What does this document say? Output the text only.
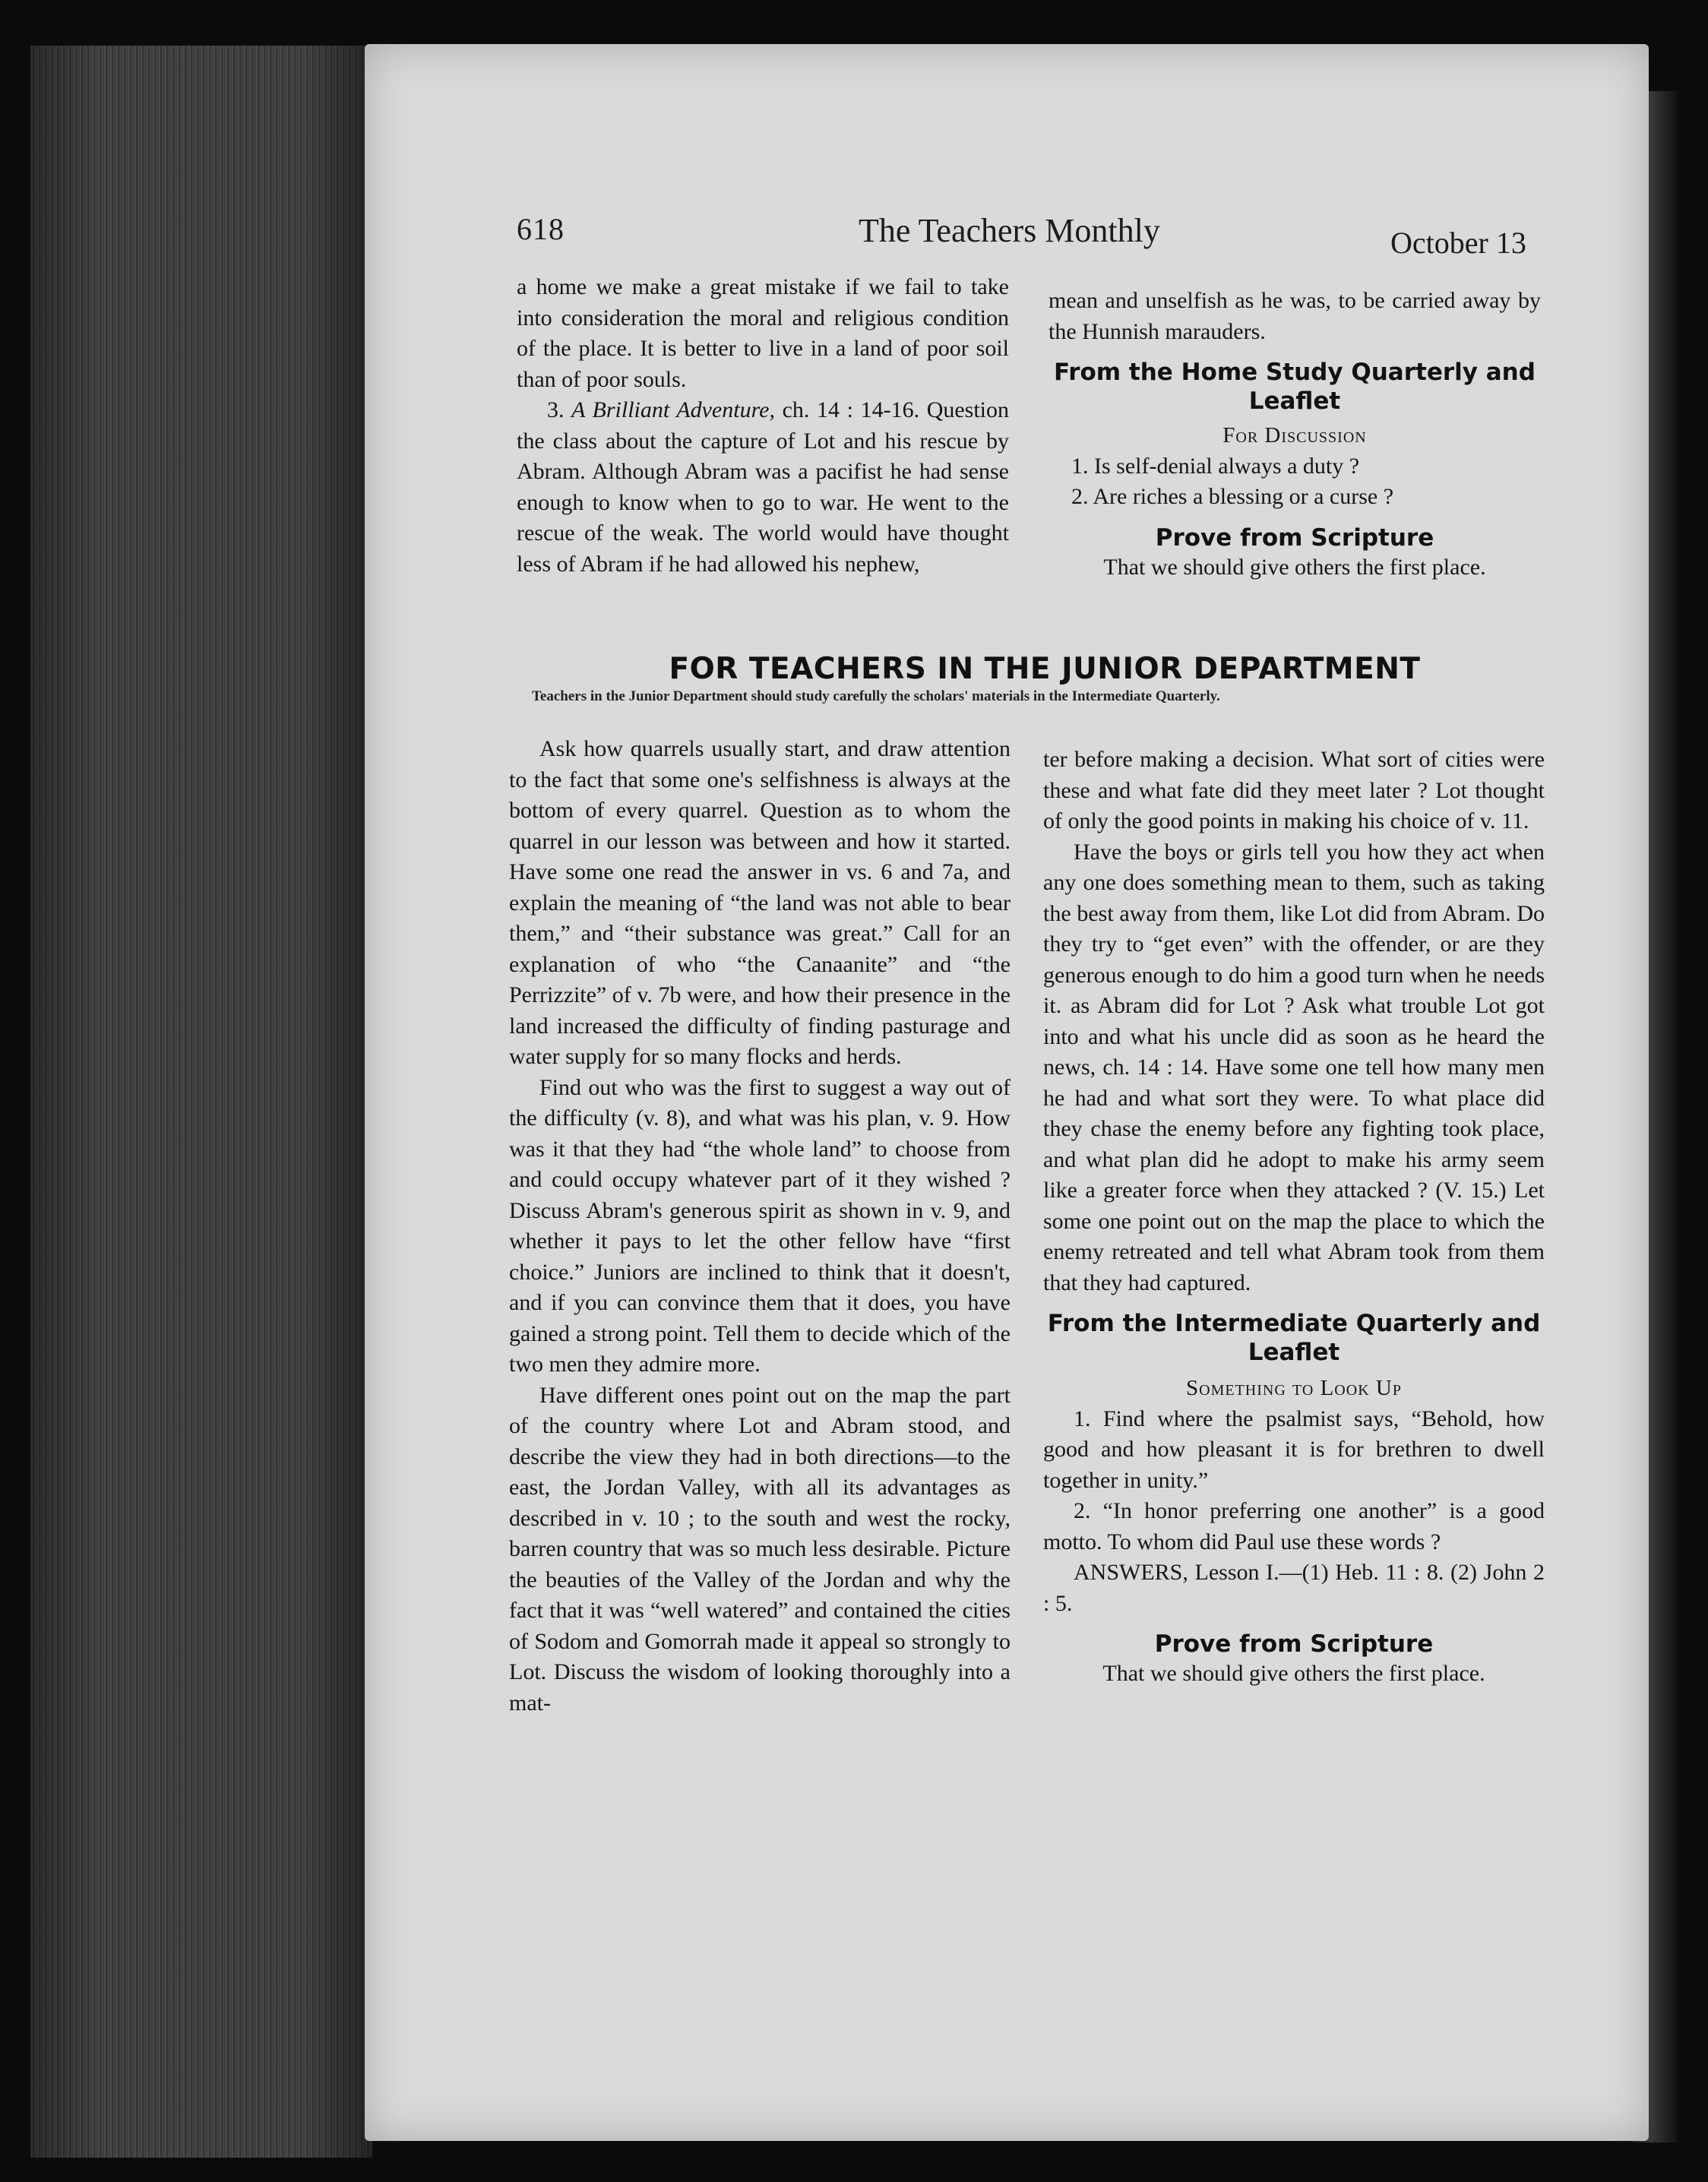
618	The Teachers Monthly	October 13

a home we make a great mistake if we fail to take into consideration the moral and religious condition of the place. It is better to live in a land of poor soil than of poor souls.

3. A Brilliant Adventure, ch. 14 : 14-16. Question the class about the capture of Lot and his rescue by Abram. Although Abram was a pacifist he had sense enough to know when to go to war. He went to the rescue of the weak. The world would have thought less of Abram if he had allowed his nephew,

mean and unselfish as he was, to be carried away by the Hunnish marauders.

From the Home Study Quarterly and Leaflet
For Discussion

1. Is self-denial always a duty ?

2. Are riches a blessing or a curse ?

Prove from Scripture

That we should give others the first place.

FOR TEACHERS IN THE JUNIOR DEPARTMENT
Teachers in the Junior Department should study carefully the scholars' materials in the Intermediate Quarterly.

Ask how quarrels usually start, and draw attention to the fact that some one's selfishness is always at the bottom of every quarrel. Question as to whom the quarrel in our lesson was between and how it started. Have some one read the answer in vs. 6 and 7a, and explain the meaning of “the land was not able to bear them,” and “their substance was great.” Call for an explanation of who “the Canaanite” and “the Perrizzite” of v. 7b were, and how their presence in the land increased the difficulty of finding pasturage and water supply for so many flocks and herds.

Find out who was the first to suggest a way out of the difficulty (v. 8), and what was his plan, v. 9. How was it that they had “the whole land” to choose from and could occupy whatever part of it they wished ? Discuss Abram's generous spirit as shown in v. 9, and whether it pays to let the other fellow have “first choice.” Juniors are inclined to think that it doesn't, and if you can convince them that it does, you have gained a strong point. Tell them to decide which of the two men they admire more.

Have different ones point out on the map the part of the country where Lot and Abram stood, and describe the view they had in both directions—to the east, the Jordan Valley, with all its advantages as described in v. 10 ; to the south and west the rocky, barren country that was so much less desirable. Picture the beauties of the Valley of the Jordan and why the fact that it was “well watered” and contained the cities of Sodom and Gomorrah made it appeal so strongly to Lot. Discuss the wisdom of looking thoroughly into a mat-

ter before making a decision. What sort of cities were these and what fate did they meet later ? Lot thought of only the good points in making his choice of v. 11.

Have the boys or girls tell you how they act when any one does something mean to them, such as taking the best away from them, like Lot did from Abram. Do they try to “get even” with the offender, or are they generous enough to do him a good turn when he needs it. as Abram did for Lot ? Ask what trouble Lot got into and what his uncle did as soon as he heard the news, ch. 14 : 14. Have some one tell how many men he had and what sort they were. To what place did they chase the enemy before any fighting took place, and what plan did he adopt to make his army seem like a greater force when they attacked ? (V. 15.) Let some one point out on the map the place to which the enemy retreated and tell what Abram took from them that they had captured.

From the Intermediate Quarterly and Leaflet
Something to Look Up

1. Find where the psalmist says, “Behold, how good and how pleasant it is for brethren to dwell together in unity.”

2. “In honor preferring one another” is a good motto. To whom did Paul use these words ?

ANSWERS, Lesson I.—(1) Heb. 11 : 8. (2) John 2 : 5.

Prove from Scripture

That we should give others the first place.
